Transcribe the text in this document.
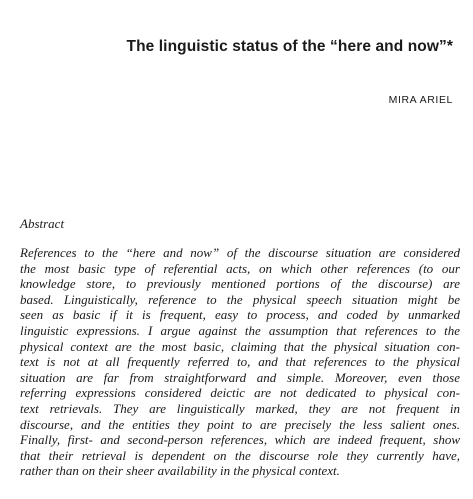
The linguistic status of the “here and now”*
MIRA ARIEL
Abstract
References to the “here and now” of the discourse situation are considered
the most basic type of referential acts, on which other references (to our
knowledge store, to previously mentioned portions of the discourse) are
based. Linguistically, reference to the physical speech situation might be
seen as basic if it is frequent, easy to process, and coded by unmarked
linguistic expressions. I argue against the assumption that references to the
physical context are the most basic, claiming that the physical situation con-
text is not at all frequently referred to, and that references to the physical
situation are far from straightforward and simple. Moreover, even those
referring expressions considered deictic are not dedicated to physical con-
text retrievals. They are linguistically marked, they are not frequent in
discourse, and the entities they point to are precisely the less salient ones.
Finally, first- and second-person references, which are indeed frequent, show
that their retrieval is dependent on the discourse role they currently have,
rather than on their sheer availability in the physical context.
